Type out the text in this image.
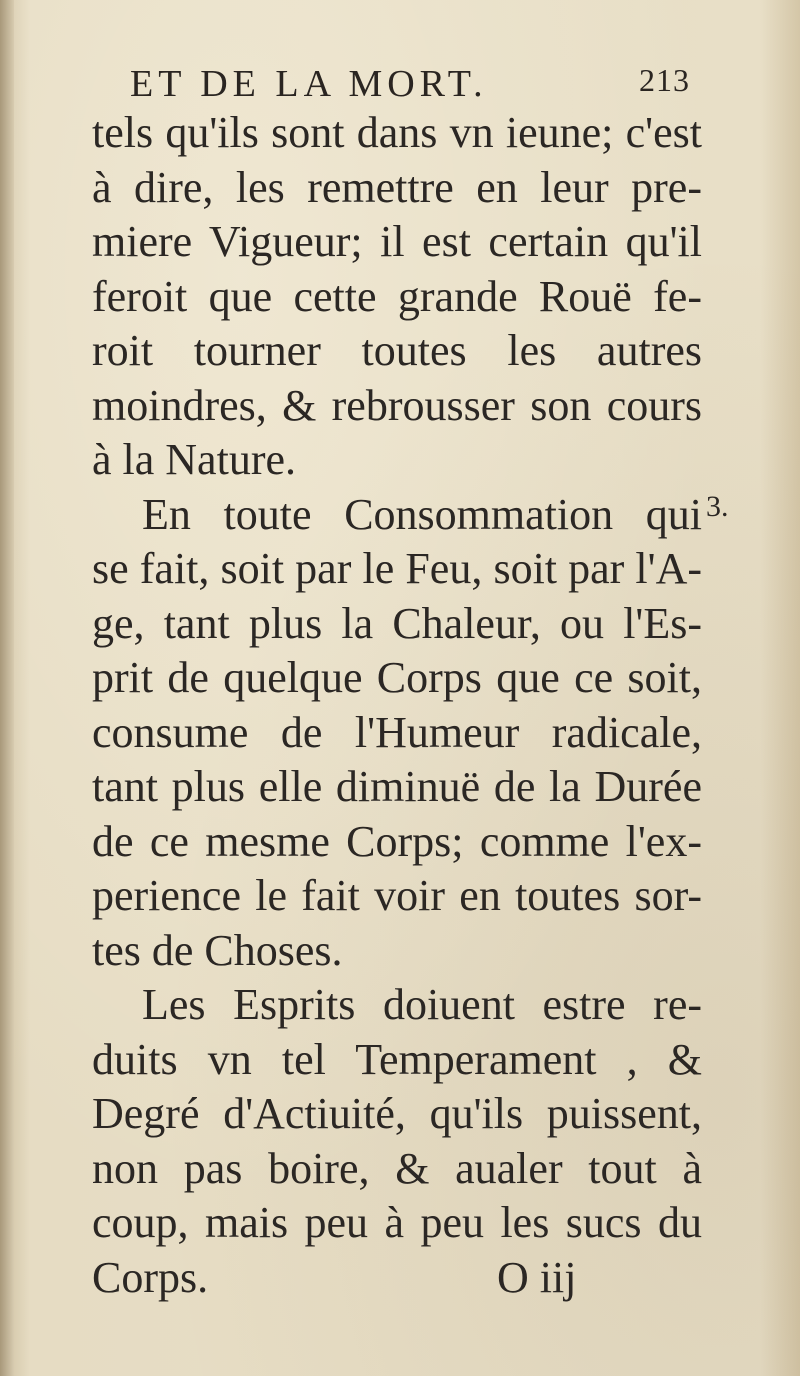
ET DE LA MORT.	213
3.
tels qu'ils sont dans vn ieune; c'est
à dire, les remettre en leur pre-
miere Vigueur; il est certain qu'il
feroit que cette grande Rouë fe-
roit tourner toutes les autres
moindres, & rebrousser son cours
à la Nature.
En toute Consommation qui
se fait, soit par le Feu, soit par l'A-
ge, tant plus la Chaleur, ou l'Es-
prit de quelque Corps que ce soit,
consume de l'Humeur radicale,
tant plus elle diminuë de la Durée
de ce mesme Corps; comme l'ex-
perience le fait voir en toutes sor-
tes de Choses.
Les Esprits doiuent estre re-
duits vn tel Temperament , &
Degré d'Actiuité, qu'ils puissent,
non pas boire, & aualer tout à
coup, mais peu à peu les sucs du
Corps.	O iij
